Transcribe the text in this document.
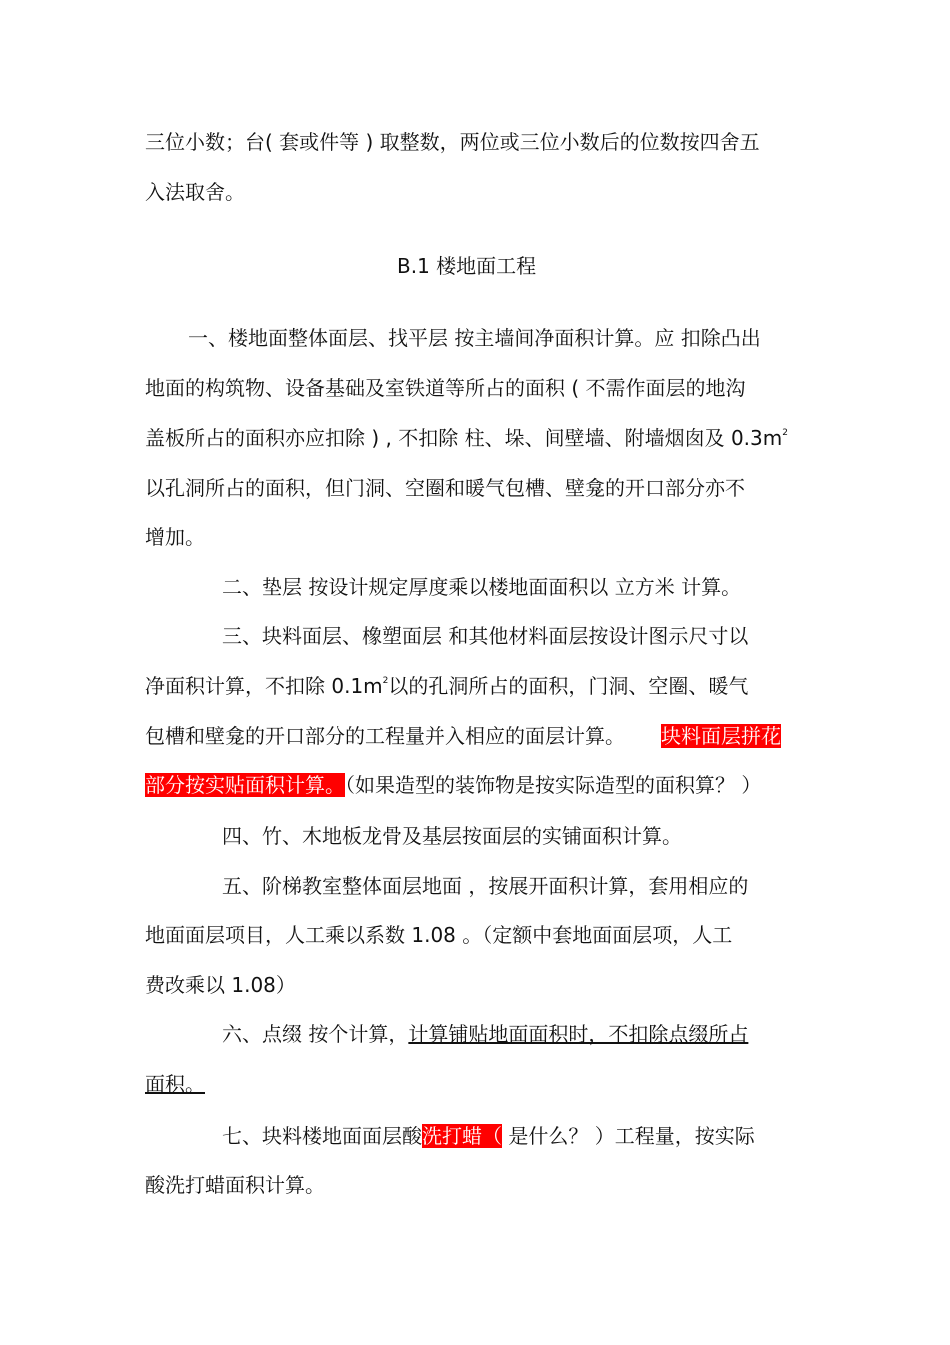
三位小数；台( 套或件等 ) 取整数，两位或三位小数后的位数按四舍五
入法取舍。
B.1 楼地面工程
一、楼地面整体面层、找平层 按主墙间净面积计算。应 扣除凸出
地面的构筑物、设备基础及室铁道等所占的面积 ( 不需作面层的地沟
盖板所占的面积亦应扣除 ) , 不扣除 柱、垛、间壁墙、附墙烟囱及 $0.3m^2$
以孔洞所占的面积，但门洞、空圈和暖气包槽、壁龛的开口部分亦不
增加。
二、垫层 按设计规定厚度乘以楼地面面积以 立方米 计算。
三、块料面层、橡塑面层 和其他材料面层按设计图示尺寸以
净面积计算，不扣除 $0.1m^2$以的孔洞所占的面积，门洞、空圈、暖气
包槽和壁龛的开口部分的工程量并入相应的面层计算。 块料面层拼花
部分按实贴面积计算。（如果造型的装饰物是按实际造型的面积算？ ）
四、竹、木地板龙骨及基层按面层的实铺面积计算。
五、阶梯教室整体面层地面 ，按展开面积计算，套用相应的
地面面层项目，人工乘以系数 1.08 。（定额中套地面面层项，人工
费改乘以 1.08）
六、点缀 按个计算，计算铺贴地面面积时，不扣除点缀所占
面积。
七、块料楼地面面层酸洗打蜡（ 是什么？ ）工程量，按实际
酸洗打蜡面积计算。
